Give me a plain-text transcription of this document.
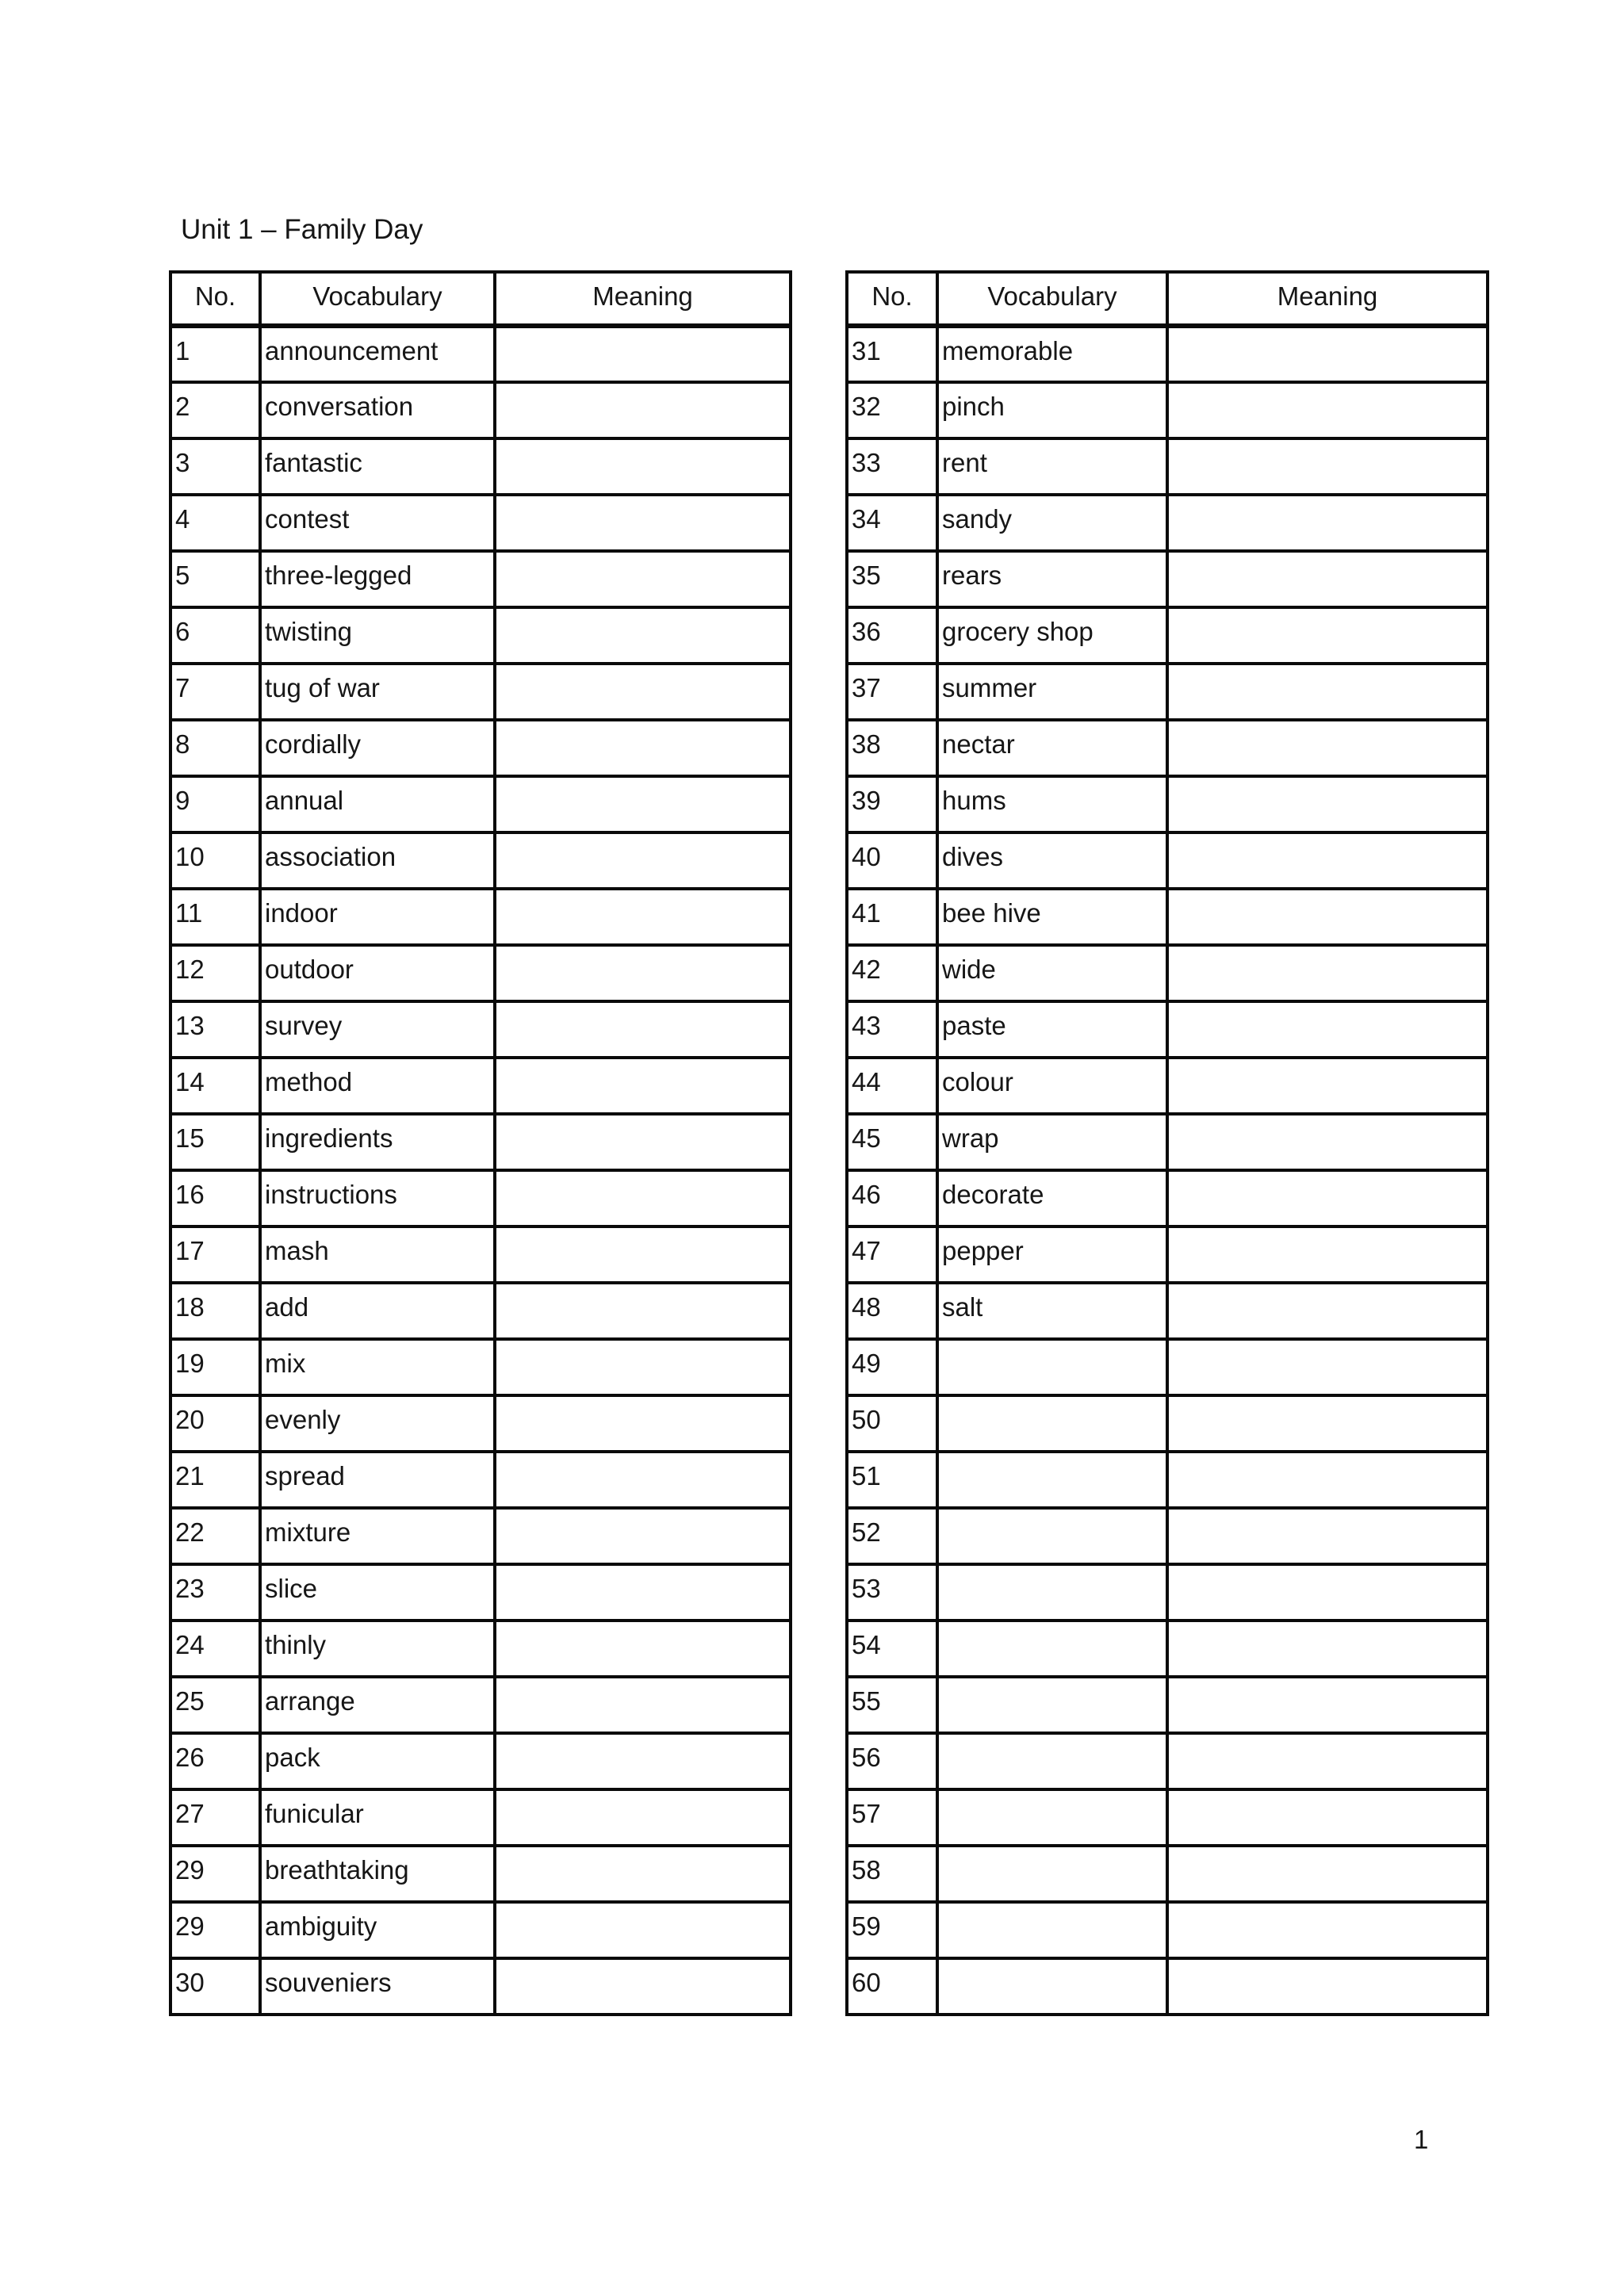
Unit 1 – Family Day
No.	Vocabulary	Meaning
1	announcement	
2	conversation	
3	fantastic	
4	contest	
5	three-legged	
6	twisting	
7	tug of war	
8	cordially	
9	annual	
10	association	
11	indoor	
12	outdoor	
13	survey	
14	method	
15	ingredients	
16	instructions	
17	mash	
18	add	
19	mix	
20	evenly	
21	spread	
22	mixture	
23	slice	
24	thinly	
25	arrange	
26	pack	
27	funicular	
29	breathtaking	
29	ambiguity	
30	souveniers	
No.	Vocabulary	Meaning
31	memorable	
32	pinch	
33	rent	
34	sandy	
35	rears	
36	grocery shop	
37	summer	
38	nectar	
39	hums	
40	dives	
41	bee hive	
42	wide	
43	paste	
44	colour	
45	wrap	
46	decorate	
47	pepper	
48	salt	
49		
50		
51		
52		
53		
54		
55		
56		
57		
58		
59		
60		
1
